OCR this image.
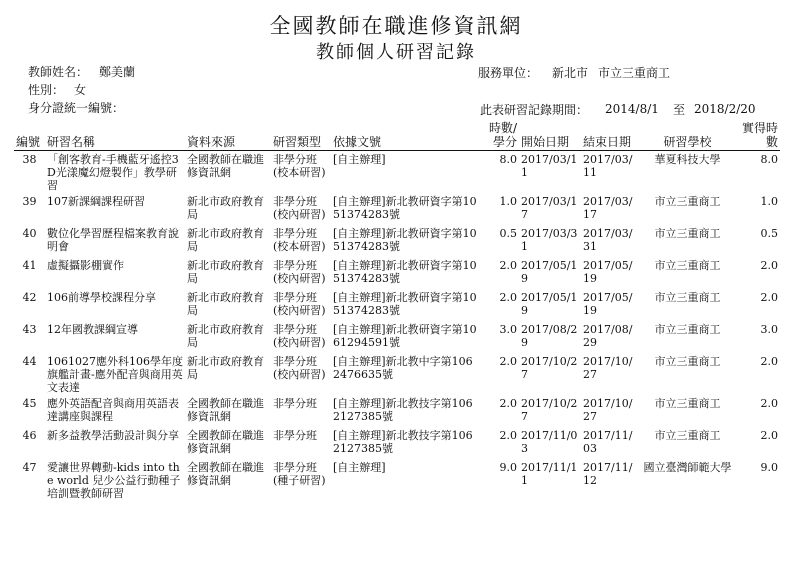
全國教師在職進修資訊網
教師個人研習記錄
教師姓名： 鄭美蘭	服務單位： 新北市 市立三重商工
性別： 女
身分證統一編號：	此表研習記錄期間： 2014/8/1 至 2018/2/20
編號	研習名稱	資料來源	研習類型	依據文號	時數/學分	開始日期	結束日期	研習學校	實得時數
38	「創客教育-手機藍牙遙控3D光漾魔幻燈製作」教學研習	全國教師在職進修資訊網	非學分班(校本研習)	[自主辦理]	8.0	2017/03/11	2017/03/11	華夏科技大學	8.0
39	107新課綱課程研習	新北市政府教育局	非學分班(校內研習)	[自主辦理]新北教研資字第1051374283號	1.0	2017/03/17	2017/03/17	市立三重商工	1.0
40	數位化學習歷程檔案教育說明會	新北市政府教育局	非學分班(校本研習)	[自主辦理]新北教研資字第1051374283號	0.5	2017/03/31	2017/03/31	市立三重商工	0.5
41	虛擬攝影棚實作	新北市政府教育局	非學分班(校內研習)	[自主辦理]新北教研資字第1051374283號	2.0	2017/05/19	2017/05/19	市立三重商工	2.0
42	106前導學校課程分享	新北市政府教育局	非學分班(校內研習)	[自主辦理]新北教研資字第1051374283號	2.0	2017/05/19	2017/05/19	市立三重商工	2.0
43	12年國教課綱宣導	新北市政府教育局	非學分班(校內研習)	[自主辦理]新北教研資字第1061294591號	3.0	2017/08/29	2017/08/29	市立三重商工	3.0
44	1061027應外科106學年度旗艦計畫-應外配音與商用英文表達	新北市政府教育局	非學分班(校內研習)	[自主辦理]新北教中字第1062476635號	2.0	2017/10/27	2017/10/27	市立三重商工	2.0
45	應外英語配音與商用英語表達講座與課程	全國教師在職進修資訊網	非學分班	[自主辦理]新北教技字第1062127385號	2.0	2017/10/27	2017/10/27	市立三重商工	2.0
46	新多益教學活動設計與分享	全國教師在職進修資訊網	非學分班	[自主辦理]新北教技字第1062127385號	2.0	2017/11/03	2017/11/03	市立三重商工	2.0
47	愛讓世界轉動-kids into the world 兒少公益行動種子培訓暨教師研習	全國教師在職進修資訊網	非學分班(種子研習)	[自主辦理]	9.0	2017/11/11	2017/11/12	國立臺灣師範大學	9.0
